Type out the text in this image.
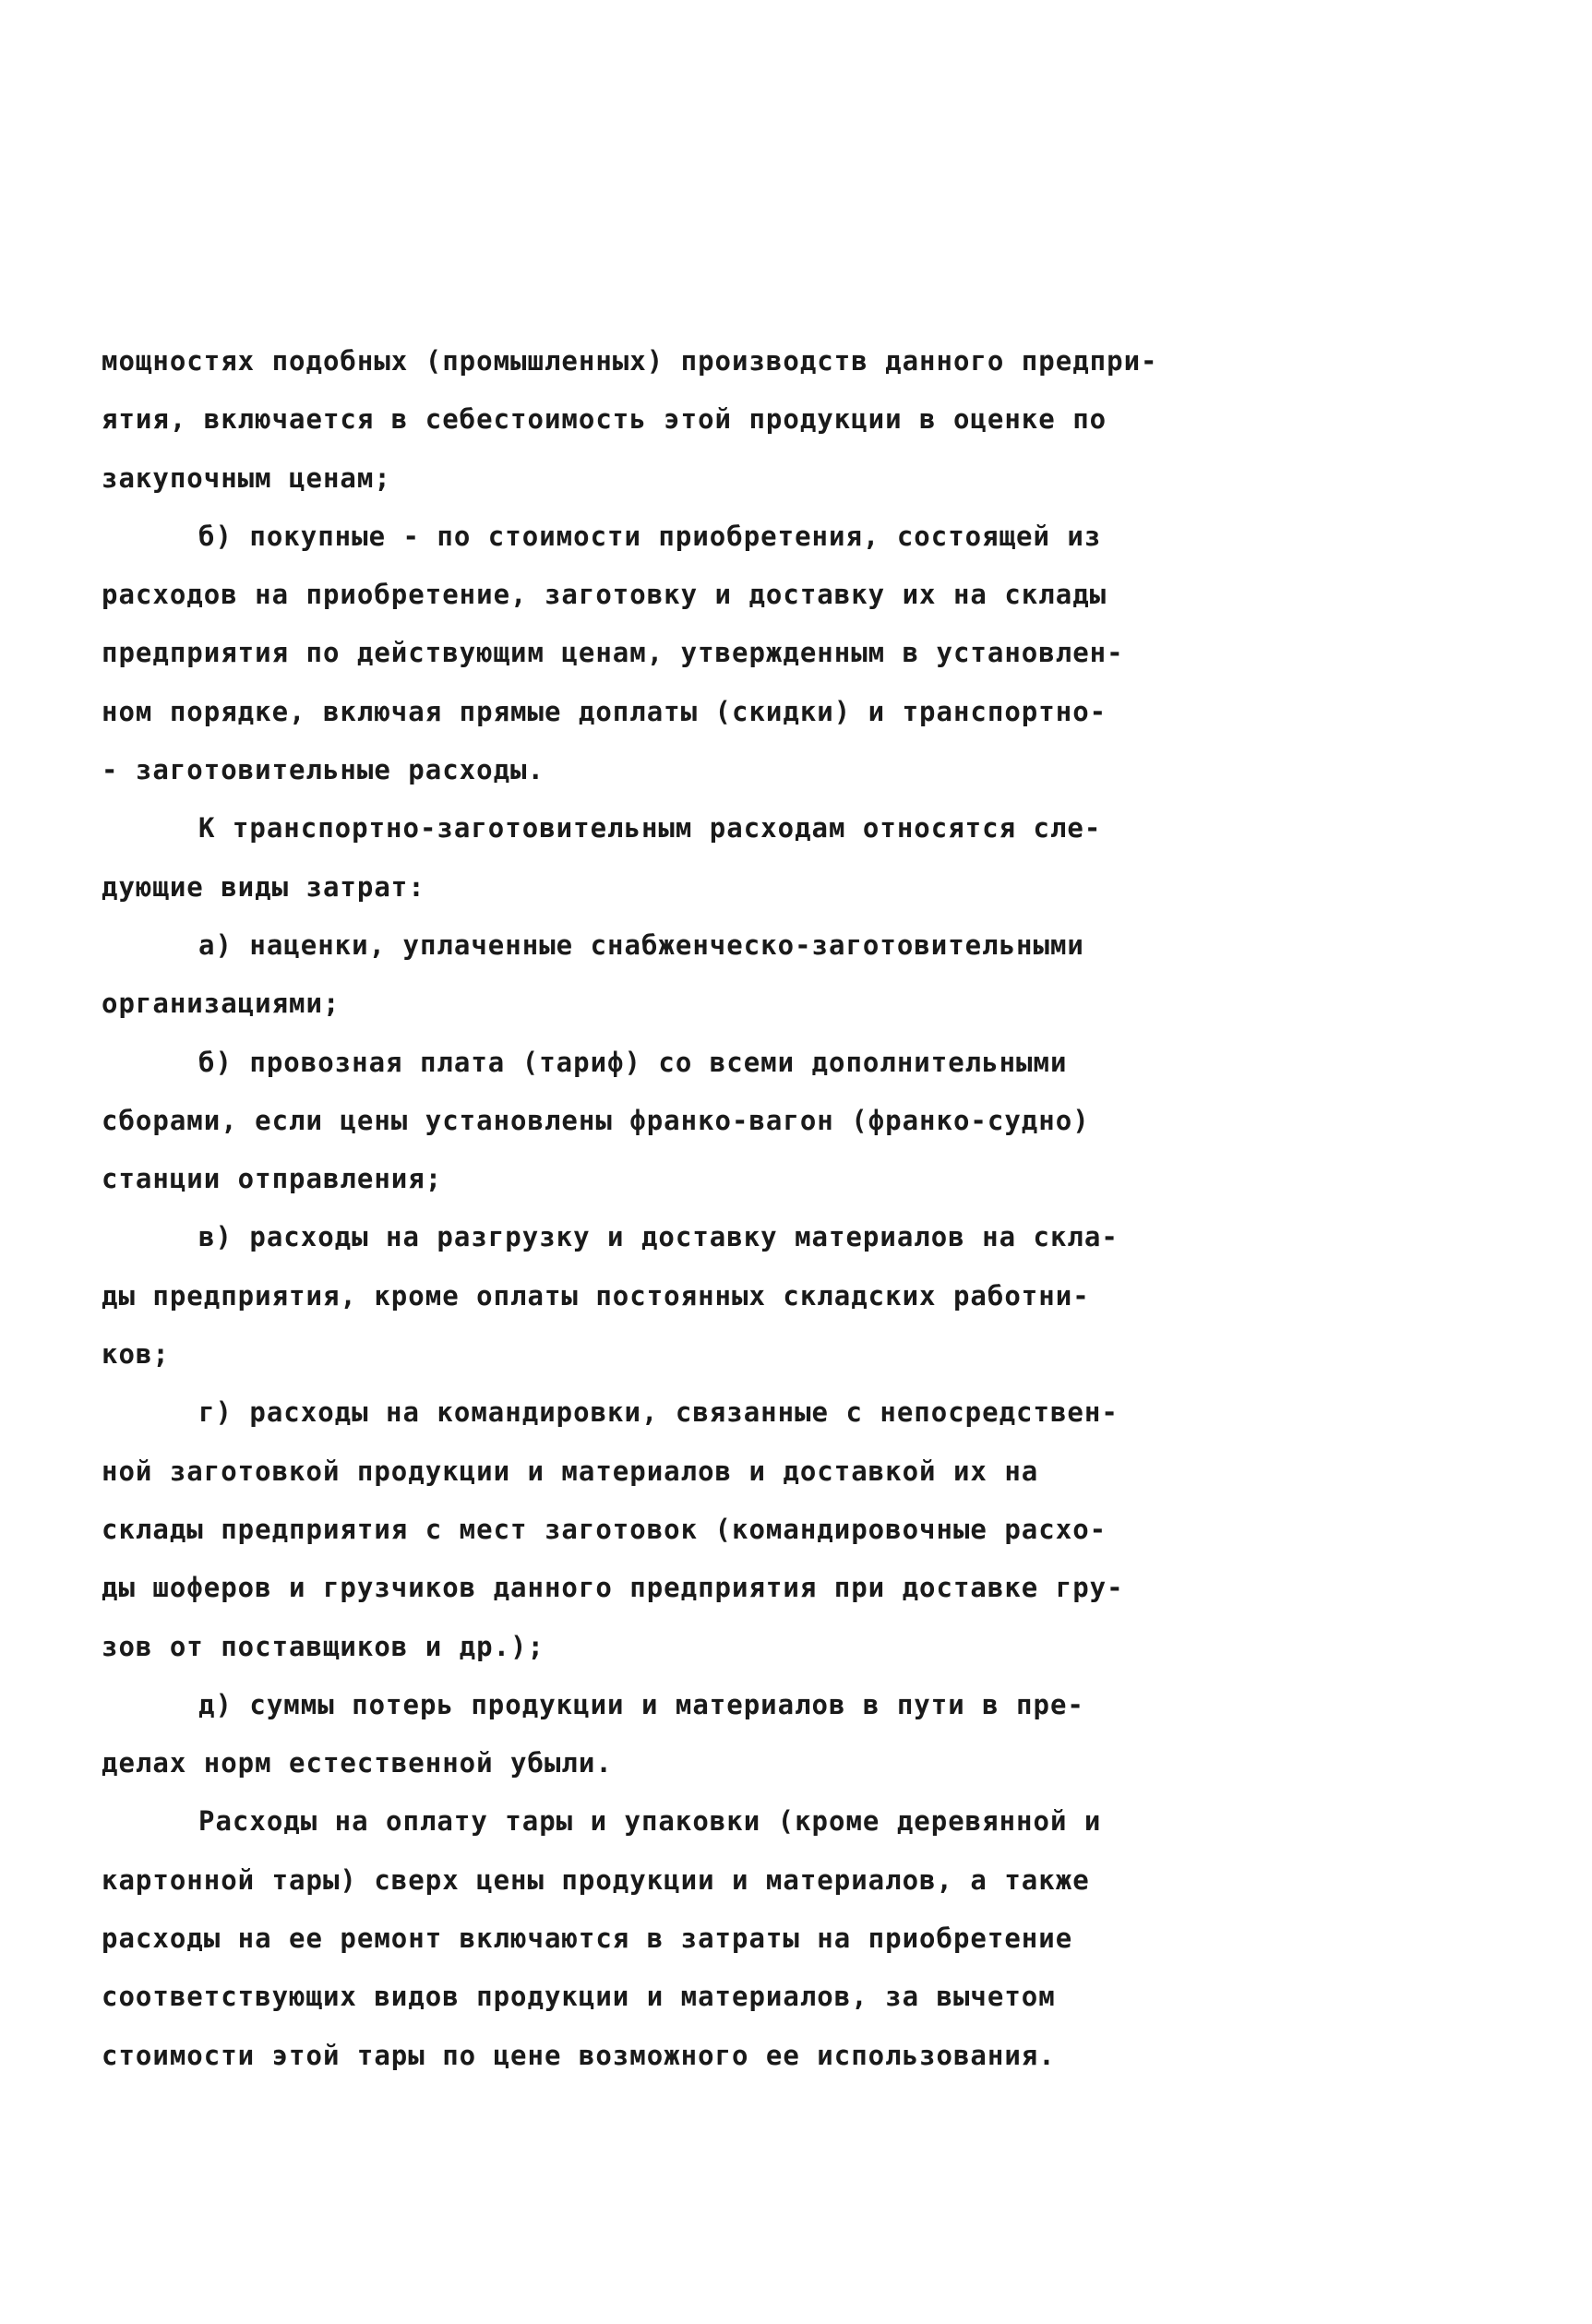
мощностях подобных (промышленных) производств данного предпри-
ятия, включается в себестоимость этой продукции в оценке по
закупочным ценам;
б) покупные - по стоимости приобретения, состоящей из
расходов на приобретение, заготовку и доставку их на склады
предприятия по действующим ценам, утвержденным в установлен-
ном порядке, включая прямые доплаты (скидки) и транспортно-
- заготовительные расходы.
К транспортно-заготовительным расходам относятся сле-
дующие виды затрат:
а) наценки, уплаченные снабженческо-заготовительными
организациями;
б) провозная плата (тариф) со всеми дополнительными
сборами, если цены установлены франко-вагон (франко-судно)
станции отправления;
в) расходы на разгрузку и доставку материалов на скла-
ды предприятия, кроме оплаты постоянных складских работни-
ков;
г) расходы на командировки, связанные с непосредствен-
ной заготовкой продукции и материалов и доставкой их на
склады предприятия с мест заготовок (командировочные расхо-
ды шоферов и грузчиков данного предприятия при доставке гру-
зов от поставщиков и др.);
д) суммы потерь продукции и материалов в пути в пре-
делах норм естественной убыли.
Расходы на оплату тары и упаковки (кроме деревянной и
картонной тары) сверх цены продукции и материалов, а также
расходы на ее ремонт включаются в затраты на приобретение
соответствующих видов продукции и материалов, за вычетом
стоимости этой тары по цене возможного ее использования.
